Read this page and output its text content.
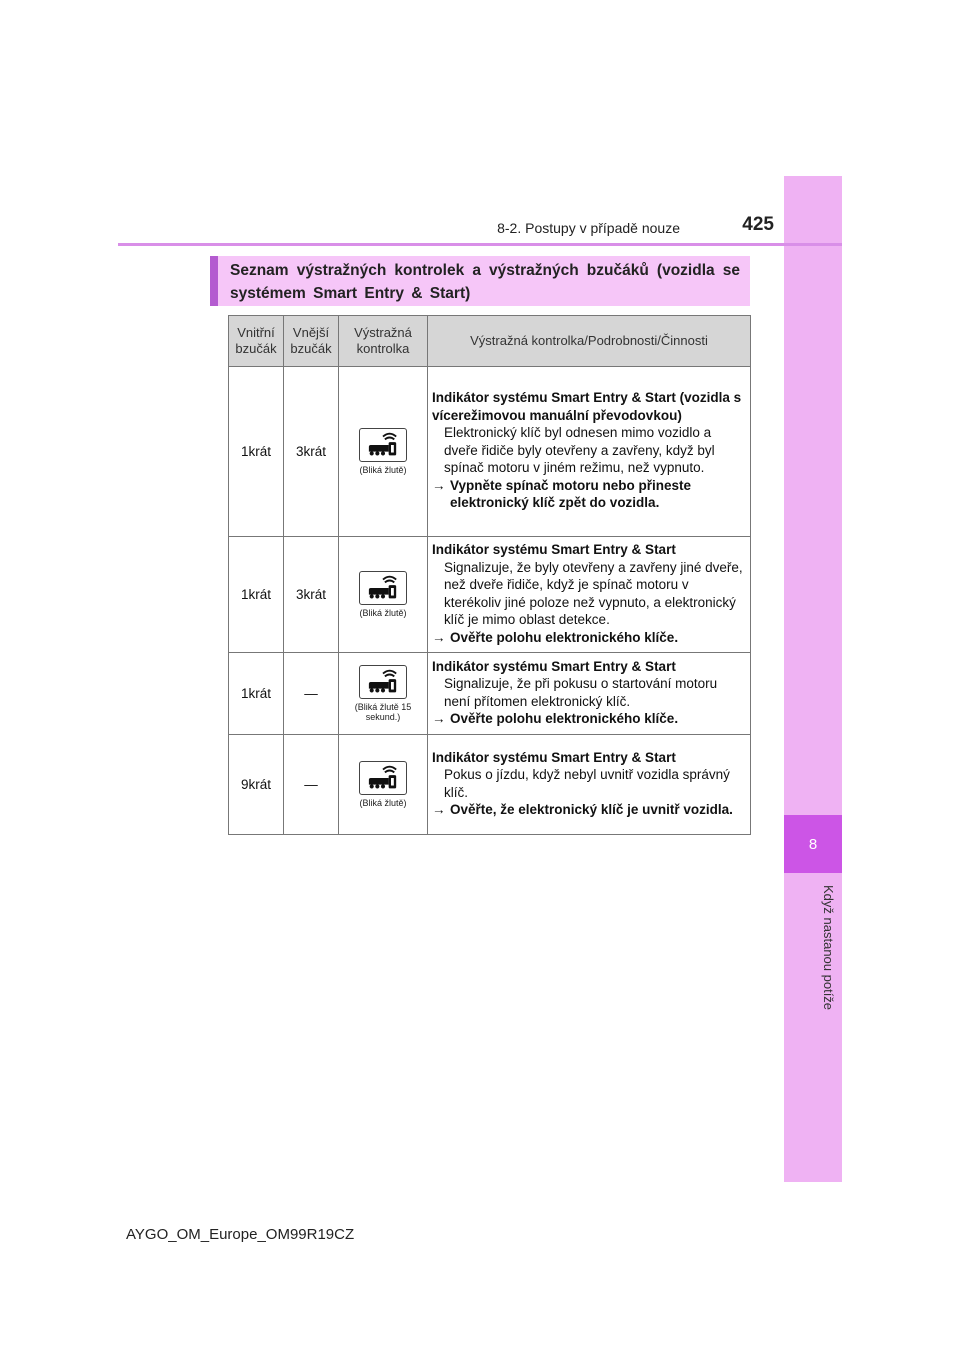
8
Když nastanou potíže
8-2. Postupy v případě nouze	425
Seznam výstražných kontrolek a výstražných bzučáků (vozidla se systémem Smart Entry & Start)
Vnitřní bzučák	Vnější bzučák	Výstražná kontrolka	Výstražná kontrolka/Podrobnosti/Činnosti
1krát	3krát	(Bliká žlutě)	Indikátor systému Smart Entry & Start (vozidla s vícerežimovou manuální převodovkou)
Elektronický klíč byl odnesen mimo vozidlo a dveře řidiče byly otevřeny a zavřeny, když byl spínač motoru v jiném režimu, než vypnuto.
→ Vypněte spínač motoru nebo přineste elektronický klíč zpět do vozidla.

1krát	3krát	(Bliká žlutě)	Indikátor systému Smart Entry & Start
Signalizuje, že byly otevřeny a zavřeny jiné dveře, než dveře řidiče, když je spínač motoru v kterékoliv jiné poloze než vypnuto, a elektronický klíč je mimo oblast detekce.
→ Ověřte polohu elektronického klíče.

1krát	—	(Bliká žlutě 15 sekund.)	Indikátor systému Smart Entry & Start
Signalizuje, že při pokusu o startování motoru není přítomen elektronický klíč.
→ Ověřte polohu elektronického klíče.

9krát	—	(Bliká žlutě)	Indikátor systému Smart Entry & Start
Pokus o jízdu, když nebyl uvnitř vozidla správný klíč.
→ Ověřte, že elektronický klíč je uvnitř vozidla.
AYGO_OM_Europe_OM99R19CZ
